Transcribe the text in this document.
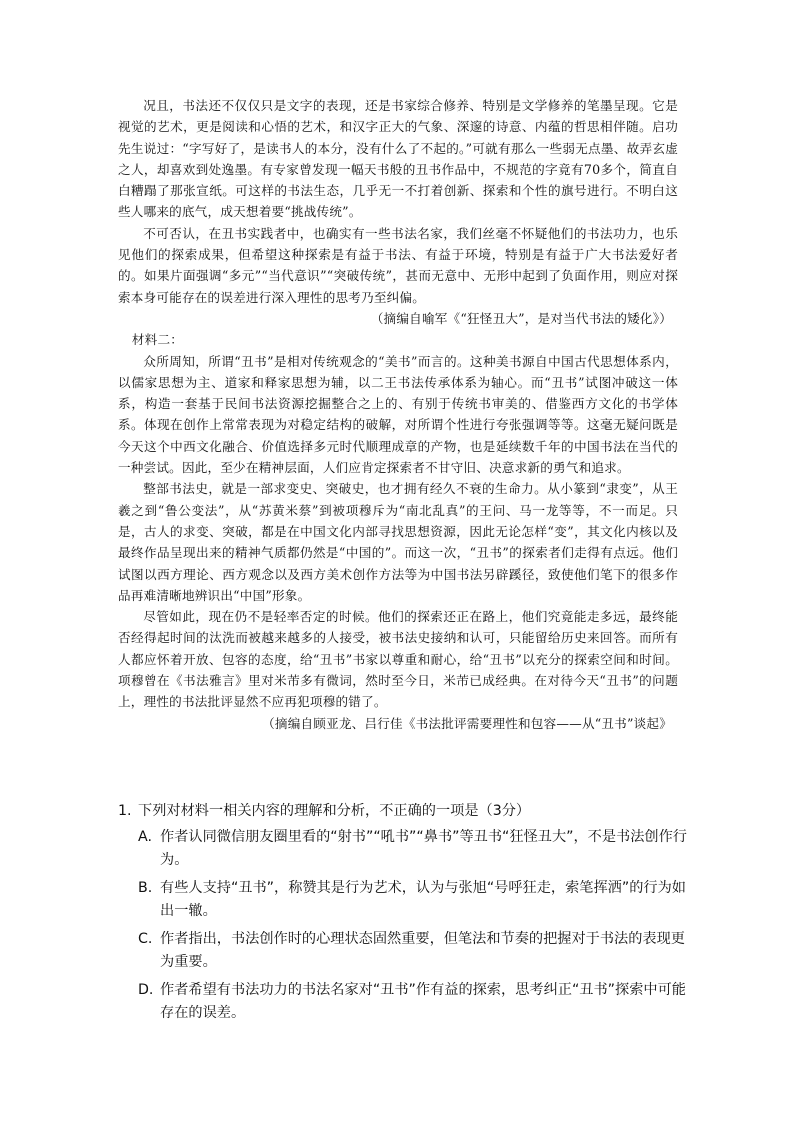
况且，书法还不仅仅只是文字的表现，还是书家综合修养、特别是文学修养的笔墨呈现。它是视觉的艺术，更是阅读和心悟的艺术，和汉字正大的气象、深邃的诗意、内蕴的哲思相伴随。启功先生说过：“字写好了，是读书人的本分，没有什么了不起的。”可就有那么一些弱无点墨、故弄玄虚之人，却喜欢到处逸墨。有专家曾发现一幅天书般的丑书作品中，不规范的字竟有70多个，简直自白糟蹋了那张宣纸。可这样的书法生态，几乎无一不打着创新、探索和个性的旗号进行。不明白这些人哪来的底气，成天想着要“挑战传统”。

不可否认，在丑书实践者中，也确实有一些书法名家，我们丝毫不怀疑他们的书法功力，也乐见他们的探索成果，但希望这种探索是有益于书法、有益于环境，特别是有益于广大书法爱好者的。如果片面强调“多元”“当代意识”“突破传统”，甚而无意中、无形中起到了负面作用，则应对探索本身可能存在的误差进行深入理性的思考乃至纠偏。

（摘编自喻军《“狂怪丑大”，是对当代书法的矮化》）

材料二：

众所周知，所谓“丑书”是相对传统观念的“美书”而言的。这种美书源自中国古代思想体系内，以儒家思想为主、道家和释家思想为辅，以二王书法传承体系为轴心。而“丑书”试图冲破这一体系，构造一套基于民间书法资源挖掘整合之上的、有别于传统书审美的、借鉴西方文化的书学体系。体现在创作上常常表现为对稳定结构的破解，对所谓个性进行夸张强调等等。这毫无疑问既是今天这个中西文化融合、价值选择多元时代顺理成章的产物，也是延续数千年的中国书法在当代的一种尝试。因此，至少在精神层面，人们应肯定探索者不甘守旧、决意求新的勇气和追求。

整部书法史，就是一部求变史、突破史，也才拥有经久不衰的生命力。从小篆到“隶变”，从王羲之到“鲁公变法”，从“苏黄米蔡”到被项穆斥为“南北乱真”的王问、马一龙等等，不一而足。只是，古人的求变、突破，都是在中国文化内部寻找思想资源，因此无论怎样“变”，其文化内核以及最终作品呈现出来的精神气质都仍然是“中国的”。而这一次，“丑书”的探索者们走得有点远。他们试图以西方理论、西方观念以及西方美术创作方法等为中国书法另辟蹊径，致使他们笔下的很多作品再难清晰地辨识出“中国”形象。

尽管如此，现在仍不是轻率否定的时候。他们的探索还正在路上，他们究竟能走多远，最终能否经得起时间的汰洗而被越来越多的人接受，被书法史接纳和认可，只能留给历史来回答。而所有人都应怀着开放、包容的态度，给“丑书”书家以尊重和耐心，给“丑书”以充分的探索空间和时间。项穆曾在《书法雅言》里对米芾多有微词，然时至今日，米芾已成经典。在对待今天“丑书”的问题上，理性的书法批评显然不应再犯项穆的错了。

（摘编自顾亚龙、吕行佳《书法批评需要理性和包容——从“丑书”谈起》

1. 下列对材料一相关内容的理解和分析，不正确的一项是（3分）
A. 作者认同微信朋友圈里看的“射书”“吼书”“鼻书”等丑书“狂怪丑大”，不是书法创作行为。
B. 有些人支持“丑书”，称赞其是行为艺术，认为与张旭“号呼狂走，索笔挥洒”的行为如出一辙。
C. 作者指出，书法创作时的心理状态固然重要，但笔法和节奏的把握对于书法的表现更为重要。
D. 作者希望有书法功力的书法名家对“丑书”作有益的探索，思考纠正“丑书”探索中可能存在的误差。
